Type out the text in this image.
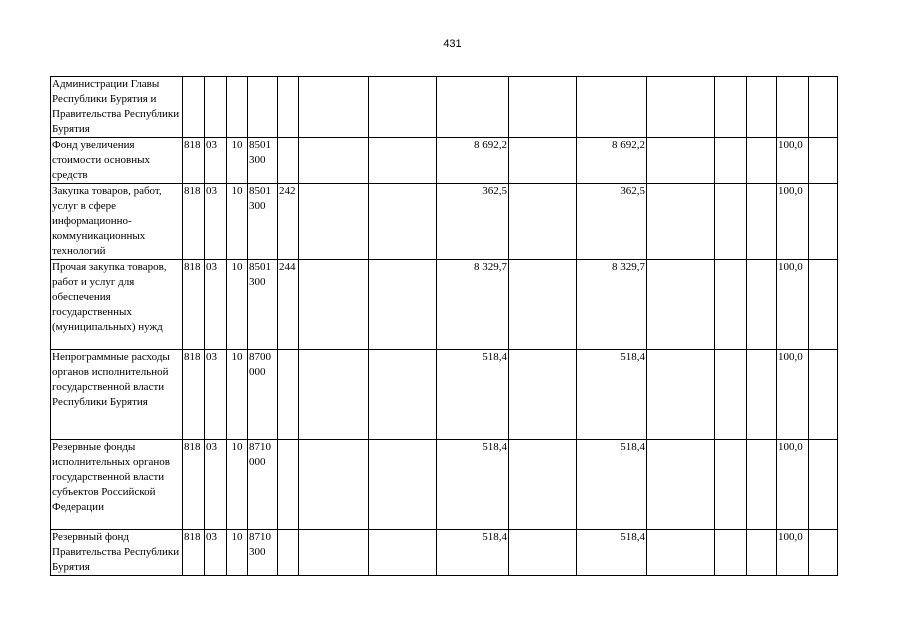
431
Администрации Главы Республики Бурятия и Правительства Республики Бурятия															
Фонд увеличения стоимости основных средств	818	03	10	8501 300				8 692,2		8 692,2				100,0	
Закупка товаров, работ, услуг в сфере информационно-коммуникационных технологий	818	03	10	8501 300	242			362,5		362,5				100,0	
Прочая закупка товаров, работ и услуг для обеспечения государственных (муниципальных) нужд	818	03	10	8501 300	244			8 329,7		8 329,7				100,0	
Непрограммные расходы органов исполнительной государственной власти Республики Бурятия	818	03	10	8700 000				518,4		518,4				100,0	
Резервные фонды исполнительных органов государственной власти субъектов Российской Федерации	818	03	10	8710 000				518,4		518,4				100,0	
Резервный фонд Правительства Республики Бурятия	818	03	10	8710 300				518,4		518,4				100,0	
